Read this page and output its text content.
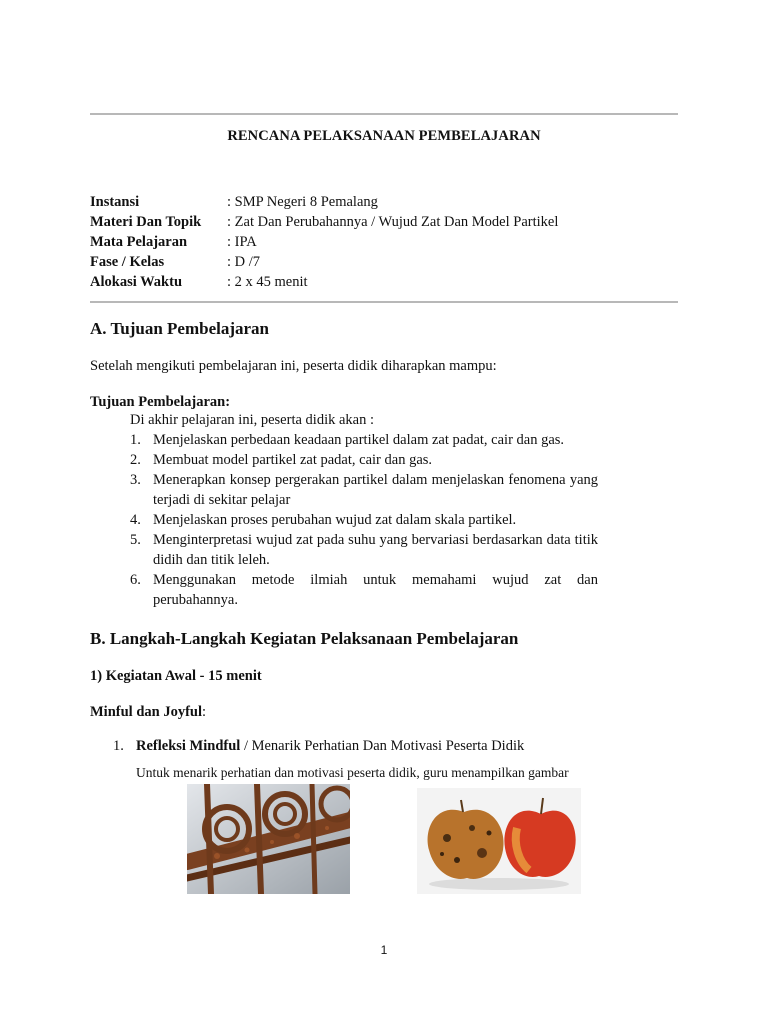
RENCANA PELAKSANAAN PEMBELAJARAN
Instansi	: SMP Negeri 8 Pemalang
Materi Dan Topik	: Zat Dan Perubahannya / Wujud Zat Dan Model Partikel
Mata Pelajaran	: IPA
Fase / Kelas	: D /7
Alokasi Waktu	: 2 x 45 menit
A. Tujuan Pembelajaran
Setelah mengikuti pembelajaran ini, peserta didik diharapkan mampu:
Tujuan Pembelajaran:
Di akhir pelajaran ini, peserta didik akan :
1. Menjelaskan perbedaan keadaan partikel dalam zat padat, cair dan gas.
2. Membuat model partikel zat padat, cair dan gas.
3. Menerapkan konsep pergerakan partikel dalam menjelaskan fenomena yang terjadi di sekitar pelajar
4. Menjelaskan proses perubahan wujud zat dalam skala partikel.
5. Menginterpretasi wujud zat pada suhu yang bervariasi berdasarkan data titik didih dan titik leleh.
6. Menggunakan metode ilmiah untuk memahami wujud zat dan perubahannya.
B. Langkah-Langkah Kegiatan Pelaksanaan Pembelajaran
1) Kegiatan Awal - 15 menit
Minful dan Joyful:
1. Refleksi Mindful / Menarik Perhatian Dan Motivasi Peserta Didik
Untuk menarik perhatian dan motivasi peserta didik, guru menampilkan gambar
1
